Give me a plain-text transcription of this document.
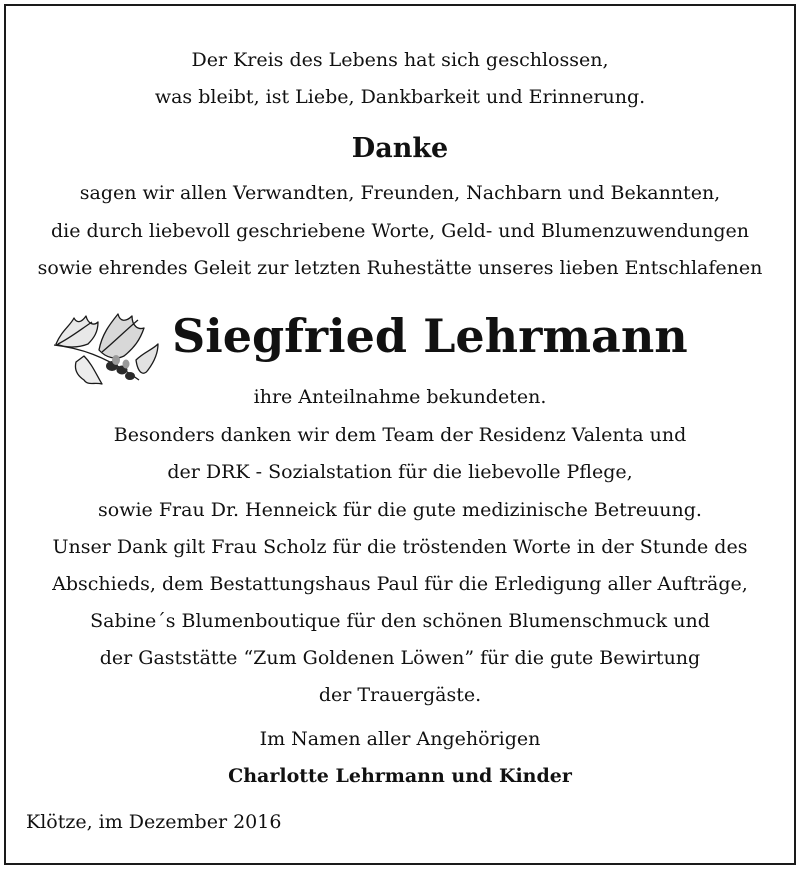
Der Kreis des Lebens hat sich geschlossen,
was bleibt, ist Liebe, Dankbarkeit und Erinnerung.
Danke
sagen wir allen Verwandten, Freunden, Nachbarn und Bekannten,
die durch liebevoll geschriebene Worte, Geld- und Blumenzuwendungen
sowie ehrendes Geleit zur letzten Ruhestätte unseres lieben Entschlafenen
Siegfried Lehrmann
ihre Anteilnahme bekundeten.
Besonders danken wir dem Team der Residenz Valenta und
der DRK - Sozialstation für die liebevolle Pflege,
sowie Frau Dr. Henneick für die gute medizinische Betreuung.
Unser Dank gilt Frau Scholz für die tröstenden Worte in der Stunde des
Abschieds, dem Bestattungshaus Paul für die Erledigung aller Aufträge,
Sabine´s Blumenboutique für den schönen Blumenschmuck und
der Gaststätte “Zum Goldenen Löwen” für die gute Bewirtung
der Trauergäste.
Im Namen aller Angehörigen
Charlotte Lehrmann und Kinder
Klötze, im Dezember 2016
